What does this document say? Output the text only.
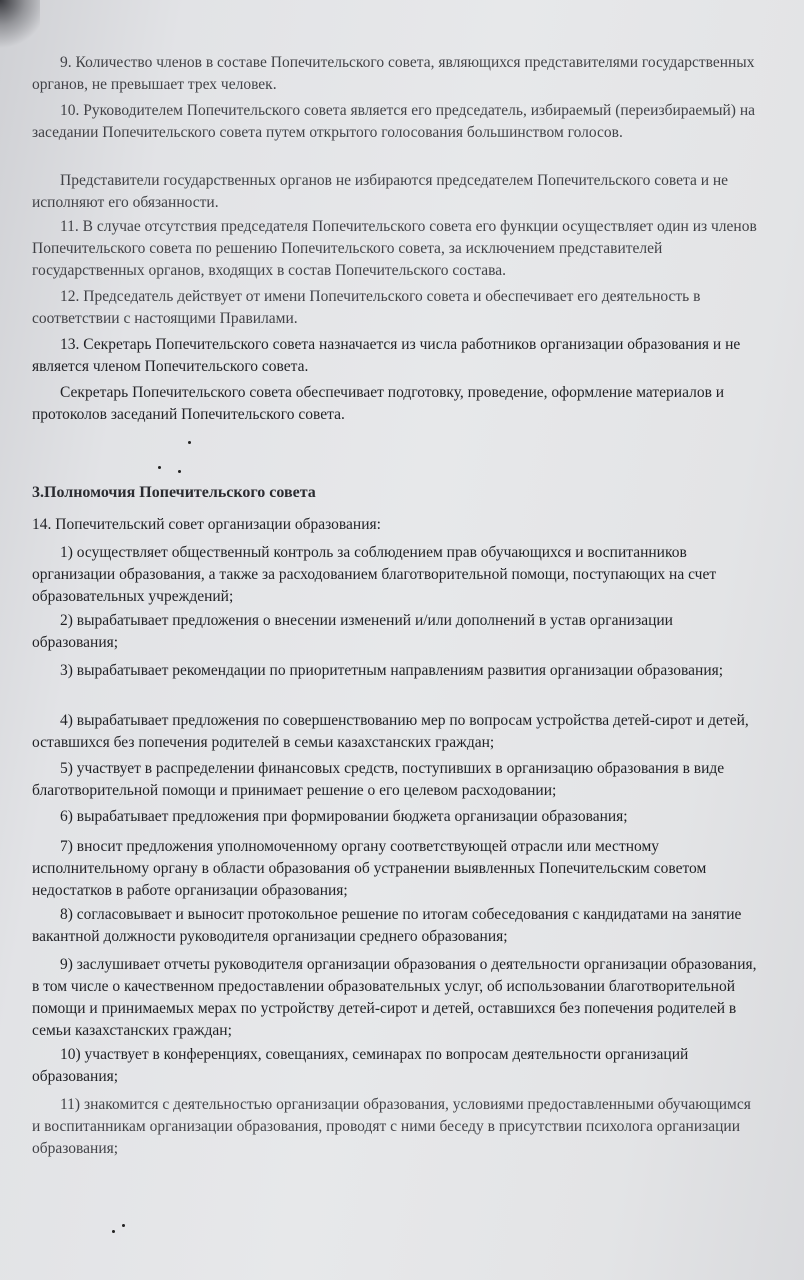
9. Количество членов в составе Попечительского совета, являющихся представителями государственных органов, не превышает трех человек.

10. Руководителем Попечительского совета является его председатель, избираемый (переизбираемый) на заседании Попечительского совета путем открытого голосования большинством голосов.

Представители государственных органов не избираются председателем Попечительского совета и не исполняют его обязанности.

11. В случае отсутствия председателя Попечительского совета его функции осуществляет один из членов Попечительского совета по решению Попечительского совета, за исключением представителей государственных органов, входящих в состав Попечительского состава.

12. Председатель действует от имени Попечительского совета и обеспечивает его деятельность в соответствии с настоящими Правилами.

13. Секретарь Попечительского совета назначается из числа работников организации образования и не является членом Попечительского совета.

Секретарь Попечительского совета обеспечивает подготовку, проведение, оформление материалов и протоколов заседаний Попечительского совета.

3.Полномочия Попечительского совета

14. Попечительский совет организации образования:

1) осуществляет общественный контроль за соблюдением прав обучающихся и воспитанников организации образования, а также за расходованием благотворительной помощи, поступающих на счет образовательных учреждений;

2) вырабатывает предложения о внесении изменений и/или дополнений в устав организации образования;

3) вырабатывает рекомендации по приоритетным направлениям развития организации образования;

4) вырабатывает предложения по совершенствованию мер по вопросам устройства детей-сирот и детей, оставшихся без попечения родителей в семьи казахстанских граждан;

5) участвует в распределении финансовых средств, поступивших в организацию образования в виде благотворительной помощи и принимает решение о его целевом расходовании;

6) вырабатывает предложения при формировании бюджета организации образования;

7) вносит предложения уполномоченному органу соответствующей отрасли или местному исполнительному органу в области образования об устранении выявленных Попечительским советом недостатков в работе организации образования;

8) согласовывает и выносит протокольное решение по итогам собеседования с кандидатами на занятие вакантной должности руководителя организации среднего образования;

9) заслушивает отчеты руководителя организации образования о деятельности организации образования, в том числе о качественном предоставлении образовательных услуг, об использовании благотворительной помощи и принимаемых мерах по устройству детей-сирот и детей, оставшихся без попечения родителей в семьи казахстанских граждан;

10) участвует в конференциях, совещаниях, семинарах по вопросам деятельности организаций образования;

11) знакомится с деятельностью организации образования, условиями предоставленными обучающимся и воспитанникам организации образования, проводят с ними беседу в присутствии психолога организации образования;
